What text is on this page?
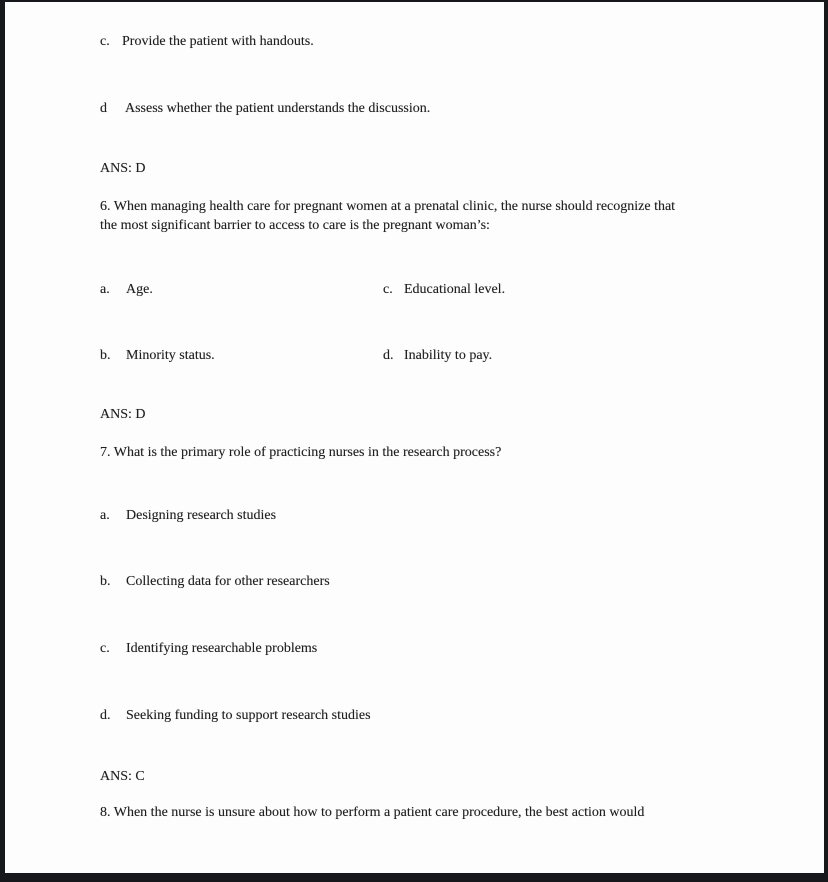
c. Provide the patient with handouts.
d Assess whether the patient understands the discussion.
ANS: D
6. When managing health care for pregnant women at a prenatal clinic, the nurse should recognize that the most significant barrier to access to care is the pregnant woman’s:
a. Age.	c. Educational level.
b. Minority status.	d. Inability to pay.
ANS: D
7. What is the primary role of practicing nurses in the research process?
a. Designing research studies
b. Collecting data for other researchers
c. Identifying researchable problems
d. Seeking funding to support research studies
ANS: C
8. When the nurse is unsure about how to perform a patient care procedure, the best action would
